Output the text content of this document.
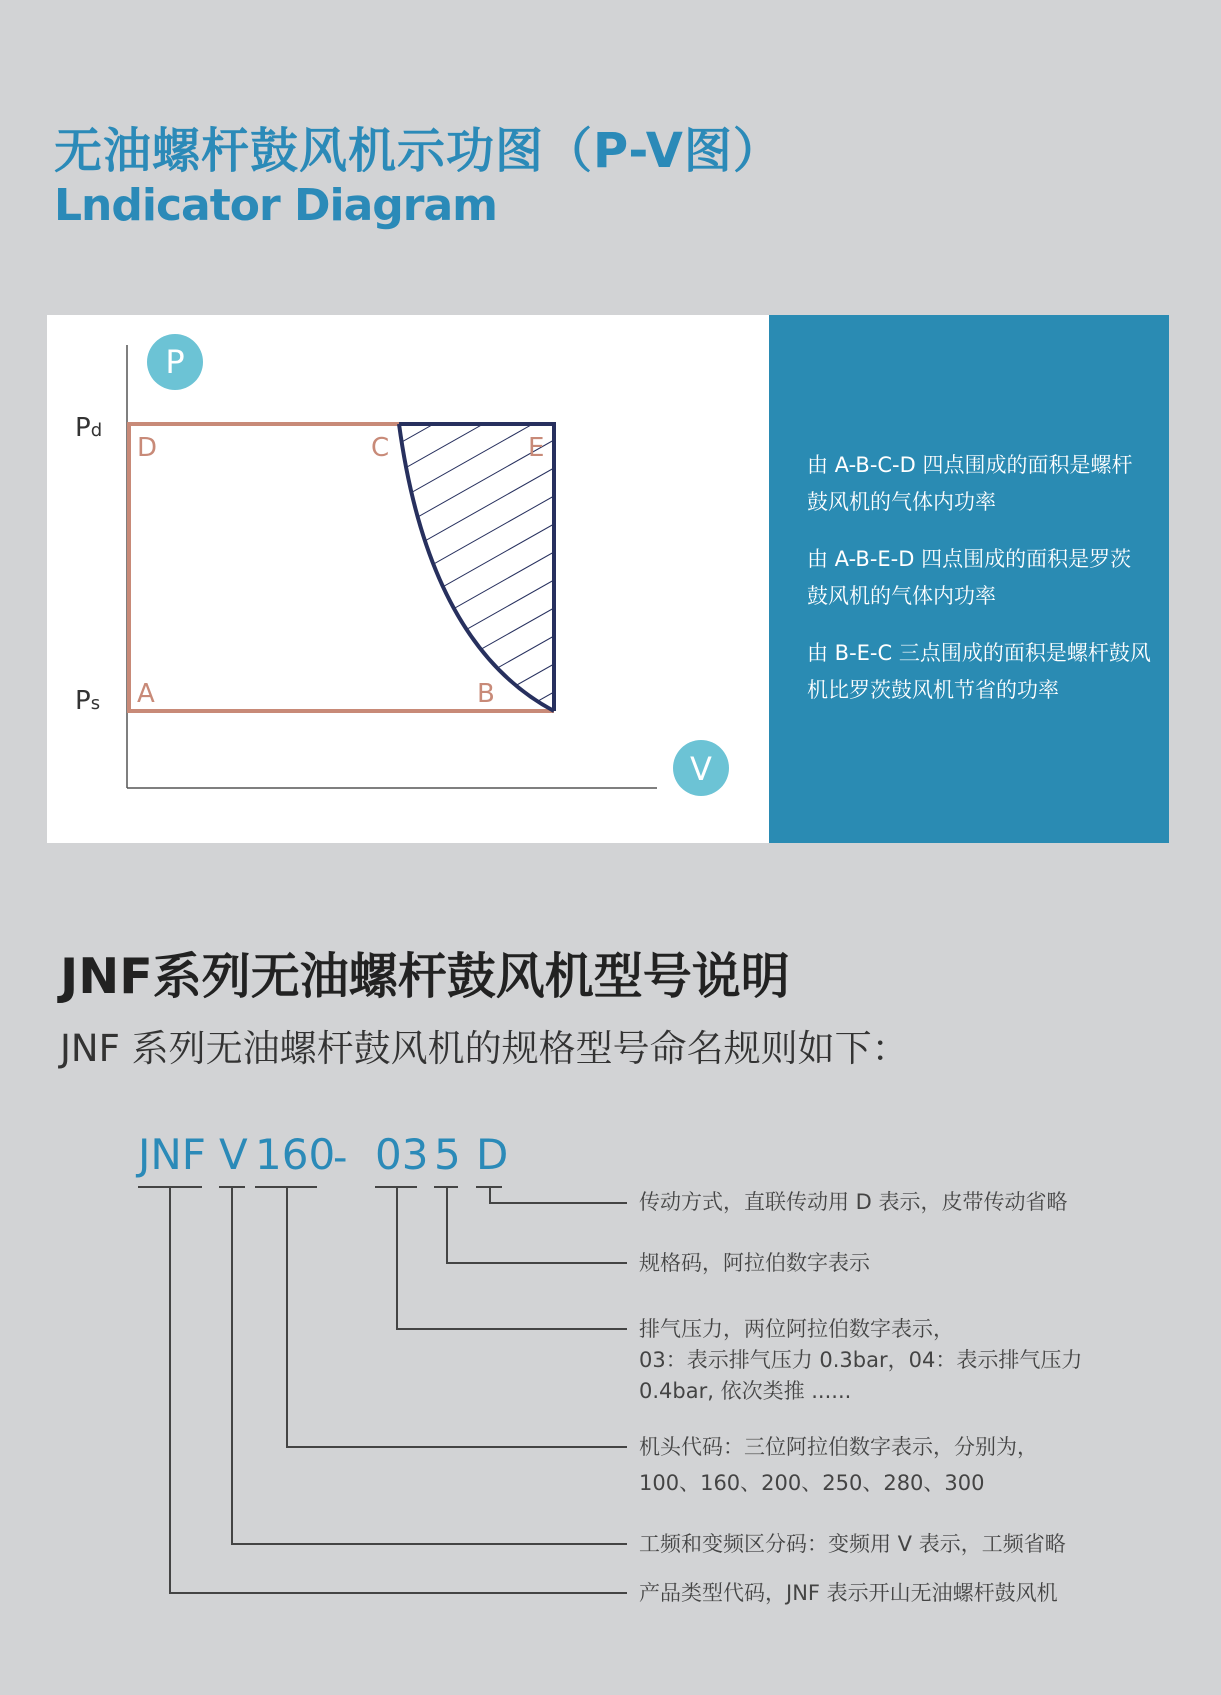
无油螺杆鼓风机示功图（P-V图）
Lndicator Diagram
P
V
Pd
Ps
D	C	E
A	B
由 A-B-C-D 四点围成的面积是螺杆鼓风机的气体内功率
由 A-B-E-D 四点围成的面积是罗茨鼓风机的气体内功率
由 B-E-C 三点围成的面积是螺杆鼓风机比罗茨鼓风机节省的功率
JNF系列无油螺杆鼓风机型号说明
JNF 系列无油螺杆鼓风机的规格型号命名规则如下：
JNF V 160
- 03 5 D
传动方式，直联传动用 D 表示，皮带传动省略
规格码，阿拉伯数字表示
排气压力，两位阿拉伯数字表示，
03：表示排气压力 0.3bar，04：表示排气压力
0.4bar, 依次类推 ......
机头代码：三位阿拉伯数字表示，分别为，
100、160、200、250、280、300
工频和变频区分码：变频用 V 表示，工频省略
产品类型代码，JNF 表示开山无油螺杆鼓风机
